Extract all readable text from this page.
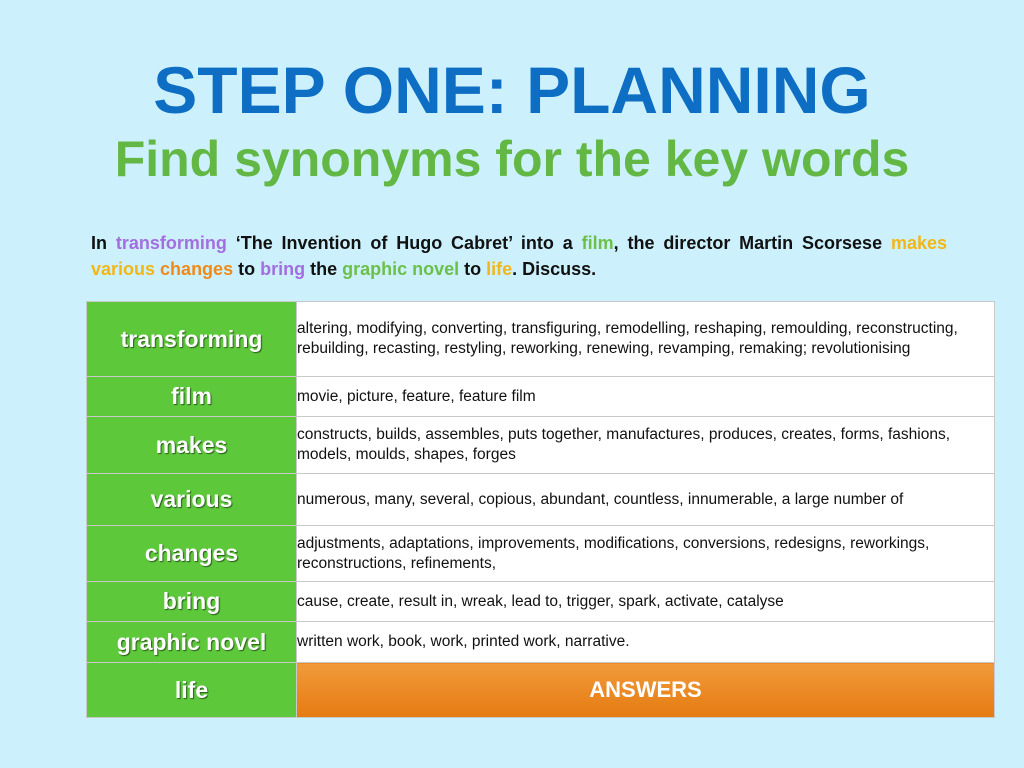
STEP ONE: PLANNING
Find synonyms for the key words

In transforming ‘The Invention of Hugo Cabret’ into a film, the director Martin Scorsese makes various changes to bring the graphic novel to life. Discuss.

transforming	altering, modifying, converting, transfiguring, remodelling, reshaping, remoulding, reconstructing, rebuilding, recasting, restyling, reworking, renewing, revamping, remaking; revolutionising
film	movie, picture, feature, feature film
makes	constructs, builds, assembles, puts together, manufactures, produces, creates, forms, fashions, models, moulds, shapes, forges
various	numerous, many, several, copious, abundant, countless, innumerable, a large number of
changes	adjustments, adaptations, improvements, modifications, conversions, redesigns, reworkings, reconstructions, refinements,
bring	cause, create, result in, wreak, lead to, trigger, spark, activate, catalyse
graphic novel	written work, book, work, printed work, narrative.
life	ANSWERS
